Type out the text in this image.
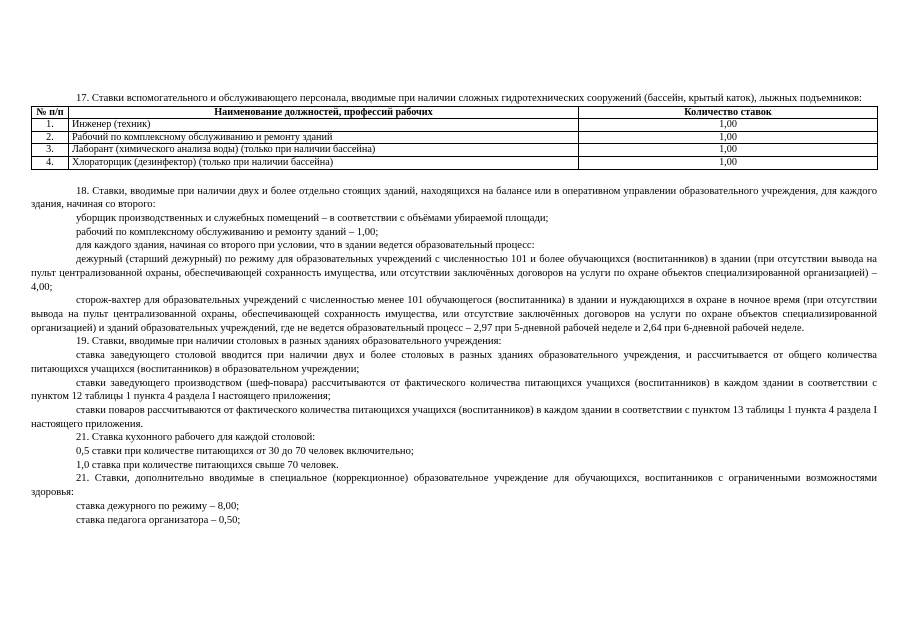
17. Ставки вспомогательного и обслуживающего персонала, вводимые при наличии сложных гидротехнических сооружений (бассейн, крытый каток), лыжных подъемников:

№ п/п	Наименование должностей, профессий рабочих	Количество ставок
1.	Инженер (техник)	1,00
2.	Рабочий по комплексному обслуживанию и ремонту зданий	1,00
3.	Лаборант (химического анализа воды) (только при наличии бассейна)	1,00
4.	Хлораторщик (дезинфектор) (только при наличии бассейна)	1,00

18. Ставки, вводимые при наличии двух и более отдельно стоящих зданий, находящихся на балансе или в оперативном управлении образовательного учреждения, для каждого здания, начиная со второго:

уборщик производственных и служебных помещений – в соответствии с объёмами убираемой площади;

рабочий по комплексному обслуживанию и ремонту зданий – 1,00;

для каждого здания, начиная со второго при условии, что в здании ведется образовательный процесс:

дежурный (старший дежурный) по режиму для образовательных учреждений с численностью 101 и более обучающихся (воспитанников) в здании (при отсутствии вывода на пульт централизованной охраны, обеспечивающей сохранность имущества, или отсутствии заключённых договоров на услуги по охране объектов специализированной организацией) – 4,00;

сторож-вахтер для образовательных учреждений с численностью менее 101 обучающегося (воспитанника) в здании и нуждающихся в охране в ночное время (при отсутствии вывода на пульт централизованной охраны, обеспечивающей сохранность имущества, или отсутствие заключённых договоров на услуги по охране объектов специализированной организацией) и зданий образовательных учреждений, где не ведется образовательный процесс – 2,97 при 5-дневной рабочей неделе и 2,64 при 6-дневной рабочей неделе.

19. Ставки, вводимые при наличии столовых в разных зданиях образовательного учреждения:

ставка заведующего столовой вводится при наличии двух и более столовых в разных зданиях образовательного учреждения, и рассчитывается от общего количества питающихся учащихся (воспитанников) в образовательном учреждении;

ставки заведующего производством (шеф-повара) рассчитываются от фактического количества питающихся учащихся (воспитанников) в каждом здании в соответствии с пунктом 12 таблицы 1 пункта 4 раздела I настоящего приложения;

ставки поваров рассчитываются от фактического количества питающихся учащихся (воспитанников) в каждом здании в соответствии с пунктом 13 таблицы 1 пункта 4 раздела I настоящего приложения.

21. Ставка кухонного рабочего для каждой столовой:

0,5 ставки при количестве питающихся от 30 до 70 человек включительно;

1,0 ставка при количестве питающихся свыше 70 человек.

21. Ставки, дополнительно вводимые в специальное (коррекционное) образовательное учреждение для обучающихся, воспитанников с ограниченными возможностями здоровья:

ставка дежурного по режиму – 8,00;

ставка педагога организатора – 0,50;
